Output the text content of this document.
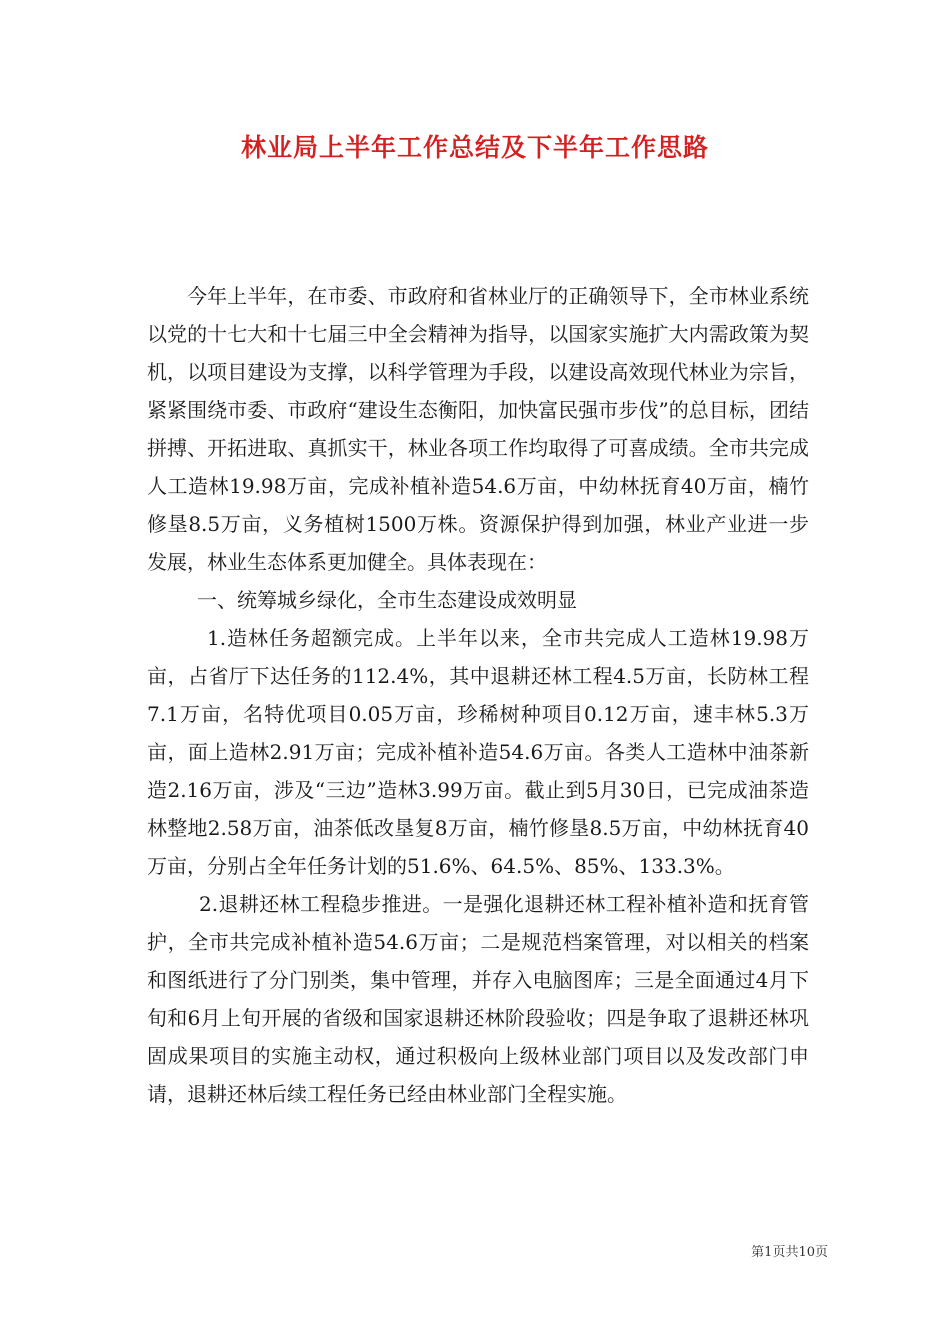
林业局上半年工作总结及下半年工作思路

今年上半年，在市委、市政府和省林业厅的正确领导下，全市林业系统以党的十七大和十七届三中全会精神为指导，以国家实施扩大内需政策为契机，以项目建设为支撑，以科学管理为手段，以建设高效现代林业为宗旨，紧紧围绕市委、市政府“建设生态衡阳，加快富民强市步伐”的总目标，团结拼搏、开拓进取、真抓实干，林业各项工作均取得了可喜成绩。全市共完成人工造林19.98万亩，完成补植补造54.6万亩，中幼林抚育40万亩，楠竹修垦8.5万亩，义务植树1500万株。资源保护得到加强，林业产业进一步发展，林业生态体系更加健全。具体表现在：

一、统筹城乡绿化，全市生态建设成效明显

1.造林任务超额完成。上半年以来，全市共完成人工造林19.98万亩，占省厅下达任务的112.4%，其中退耕还林工程4.5万亩，长防林工程7.1万亩，名特优项目0.05万亩，珍稀树种项目0.12万亩，速丰林5.3万亩，面上造林2.91万亩；完成补植补造54.6万亩。各类人工造林中油茶新造2.16万亩，涉及“三边”造林3.99万亩。截止到5月30日，已完成油茶造林整地2.58万亩，油茶低改垦复8万亩，楠竹修垦8.5万亩，中幼林抚育40万亩，分别占全年任务计划的51.6%、64.5%、85%、133.3%。

2.退耕还林工程稳步推进。一是强化退耕还林工程补植补造和抚育管护，全市共完成补植补造54.6万亩；二是规范档案管理，对以相关的档案和图纸进行了分门别类，集中管理，并存入电脑图库；三是全面通过4月下旬和6月上旬开展的省级和国家退耕还林阶段验收；四是争取了退耕还林巩固成果项目的实施主动权，通过积极向上级林业部门项目以及发改部门申请，退耕还林后续工程任务已经由林业部门全程实施。

第1页共10页
